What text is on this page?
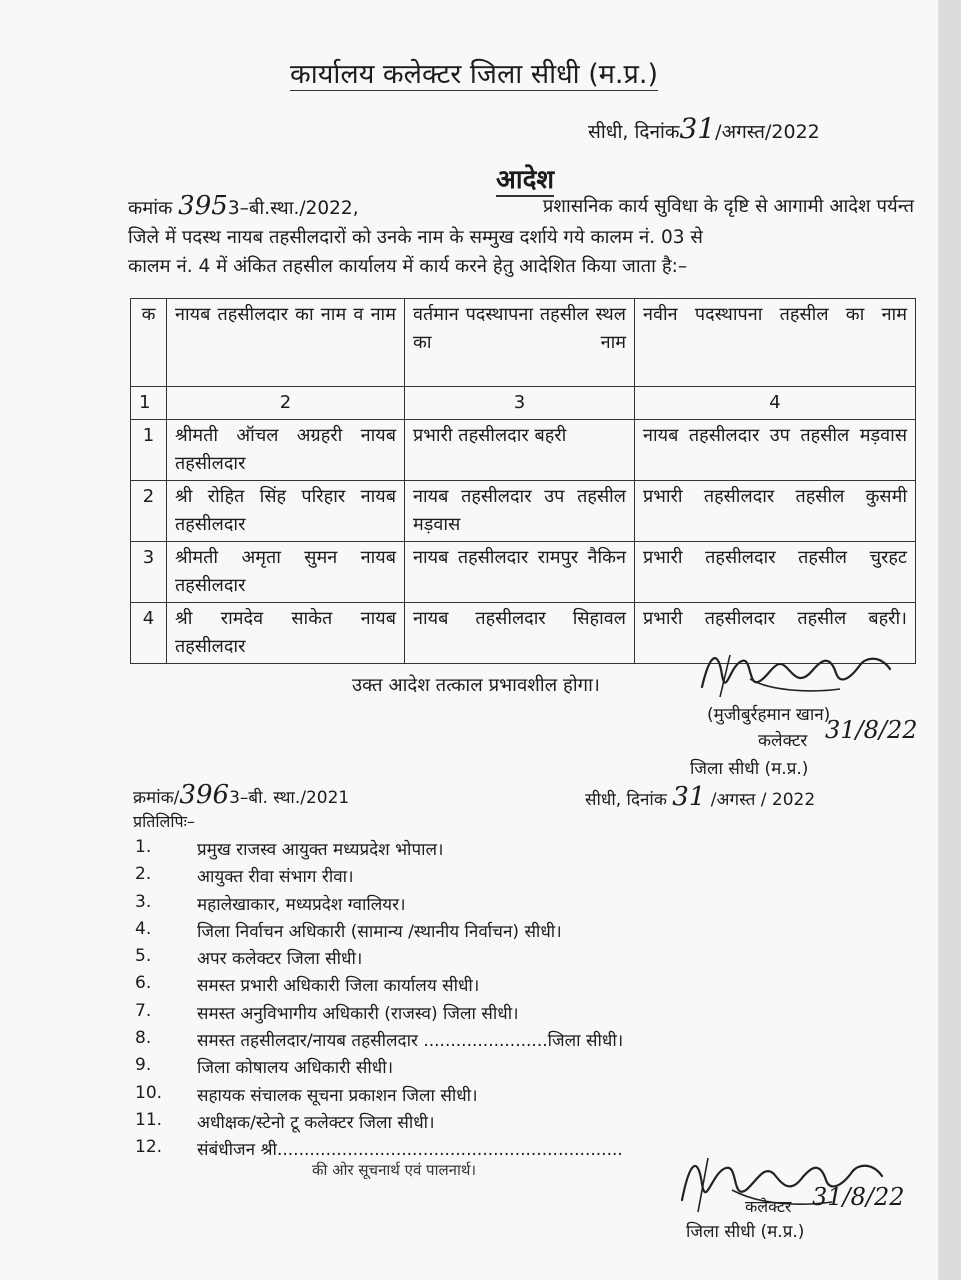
कार्यालय कलेक्टर जिला सीधी (म.प्र.)
सीधी, दिनांक31/अगस्त/2022
आदेश
कमांक 3953–बी.स्था./2022,	प्रशासनिक कार्य सुविधा के दृष्टि से आगामी आदेश पर्यन्त
जिले में पदस्थ नायब तहसीलदारों को उनके नाम के सम्मुख दर्शाये गये कालम नं. 03 से
कालम नं. 4 में अंकित तहसील कार्यालय में कार्य करने हेतु आदेशित किया जाता है:–
क	नायब तहसीलदार का नाम व नाम	वर्तमान पदस्थापना तहसील स्थल का नाम	नवीन पदस्थापना तहसील का नाम
1	2	3	4
1	श्रीमती ऑचल अग्रहरी नायब तहसीलदार	प्रभारी तहसीलदार बहरी	नायब तहसीलदार उप तहसील मड़वास
2	श्री रोहित सिंह परिहार नायब तहसीलदार	नायब तहसीलदार उप तहसील मड़वास	प्रभारी तहसीलदार तहसील कुसमी
3	श्रीमती अमृता सुमन नायब तहसीलदार	नायब तहसीलदार रामपुर नैकिन	प्रभारी तहसीलदार तहसील चुरहट
4	श्री रामदेव साकेत नायब तहसीलदार	नायब तहसीलदार सिहावल	प्रभारी तहसीलदार तहसील बहरी।
उक्त आदेश तत्काल प्रभावशील होगा।
(मुजीबुर्रहमान खान)
कलेक्टर 31/8/22
जिला सीधी (म.प्र.)
क्रमांक/3963–बी. स्था./2021	सीधी, दिनांक 31 /अगस्त / 2022
प्रतिलिपिः–
1.	प्रमुख राजस्व आयुक्त मध्यप्रदेश भोपाल।
2.	आयुक्त रीवा संभाग रीवा।
3.	महालेखाकार, मध्यप्रदेश ग्वालियर।
4.	जिला निर्वाचन अधिकारी (सामान्य /स्थानीय निर्वाचन) सीधी।
5.	अपर कलेक्टर जिला सीधी।
6.	समस्त प्रभारी अधिकारी जिला कार्यालय सीधी।
7.	समस्त अनुविभागीय अधिकारी (राजस्व) जिला सीधी।
8.	समस्त तहसीलदार/नायब तहसीलदार .......................जिला सीधी।
9.	जिला कोषालय अधिकारी सीधी।
10.	सहायक संचालक सूचना प्रकाशन जिला सीधी।
11.	अधीक्षक/स्टेनो टू कलेक्टर जिला सीधी।
12.	संबंधीजन श्री................................................................
की ओर सूचनार्थ एवं पालनार्थ।
कलेक्टर 31/8/22
जिला सीधी (म.प्र.)
